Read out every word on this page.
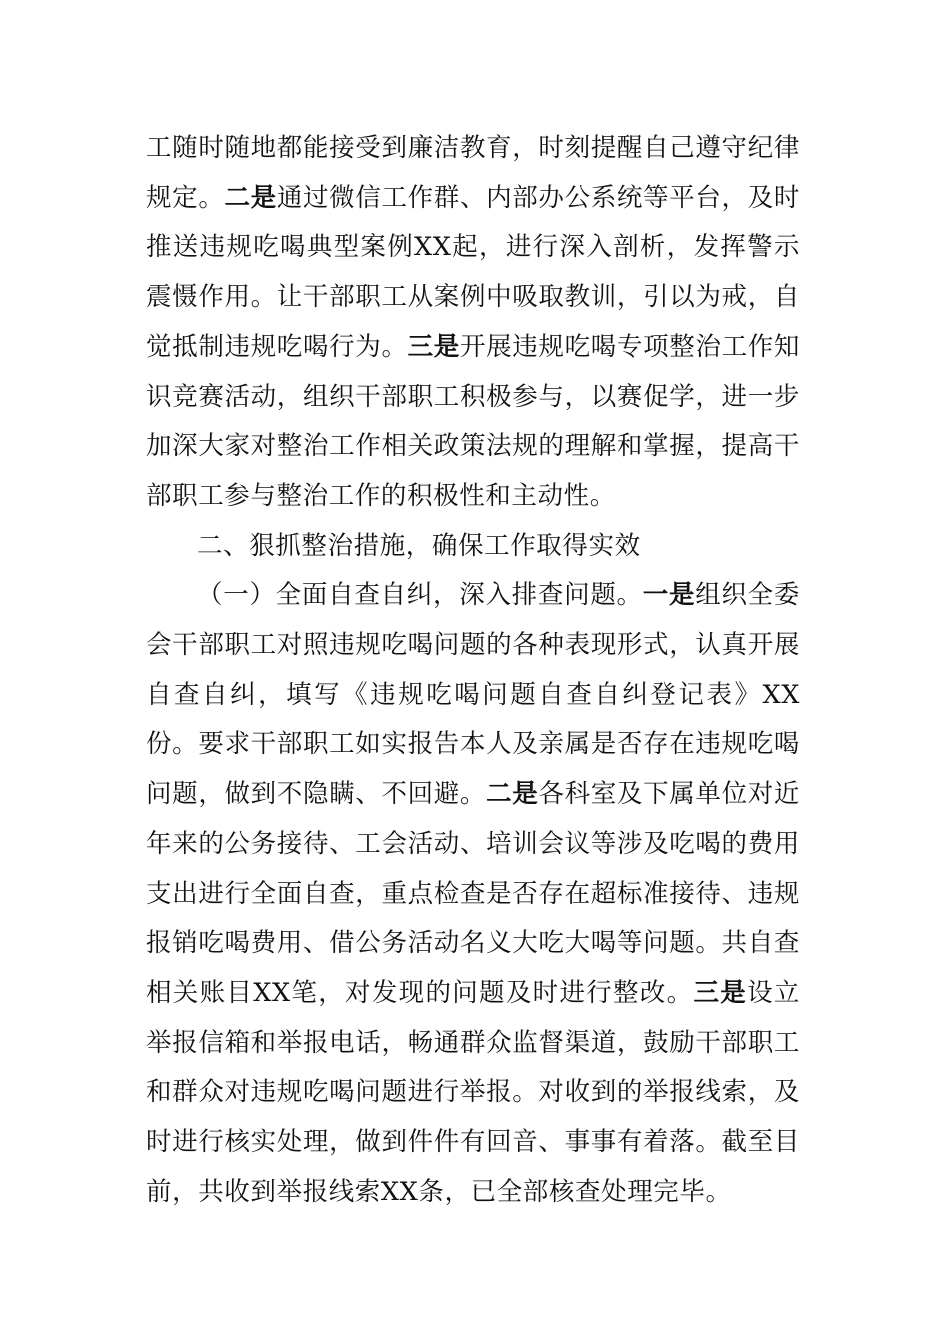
工随时随地都能接受到廉洁教育，时刻提醒自己遵守纪律规定。二是通过微信工作群、内部办公系统等平台，及时推送违规吃喝典型案例XX起，进行深入剖析，发挥警示震慑作用。让干部职工从案例中吸取教训，引以为戒，自觉抵制违规吃喝行为。三是开展违规吃喝专项整治工作知识竞赛活动，组织干部职工积极参与，以赛促学，进一步加深大家对整治工作相关政策法规的理解和掌握，提高干部职工参与整治工作的积极性和主动性。

二、狠抓整治措施，确保工作取得实效

（一）全面自查自纠，深入排查问题。一是组织全委会干部职工对照违规吃喝问题的各种表现形式，认真开展自查自纠，填写《违规吃喝问题自查自纠登记表》XX份。要求干部职工如实报告本人及亲属是否存在违规吃喝问题，做到不隐瞒、不回避。二是各科室及下属单位对近年来的公务接待、工会活动、培训会议等涉及吃喝的费用支出进行全面自查，重点检查是否存在超标准接待、违规报销吃喝费用、借公务活动名义大吃大喝等问题。共自查相关账目XX笔，对发现的问题及时进行整改。三是设立举报信箱和举报电话，畅通群众监督渠道，鼓励干部职工和群众对违规吃喝问题进行举报。对收到的举报线索，及时进行核实处理，做到件件有回音、事事有着落。截至目前，共收到举报线索XX条，已全部核查处理完毕。
